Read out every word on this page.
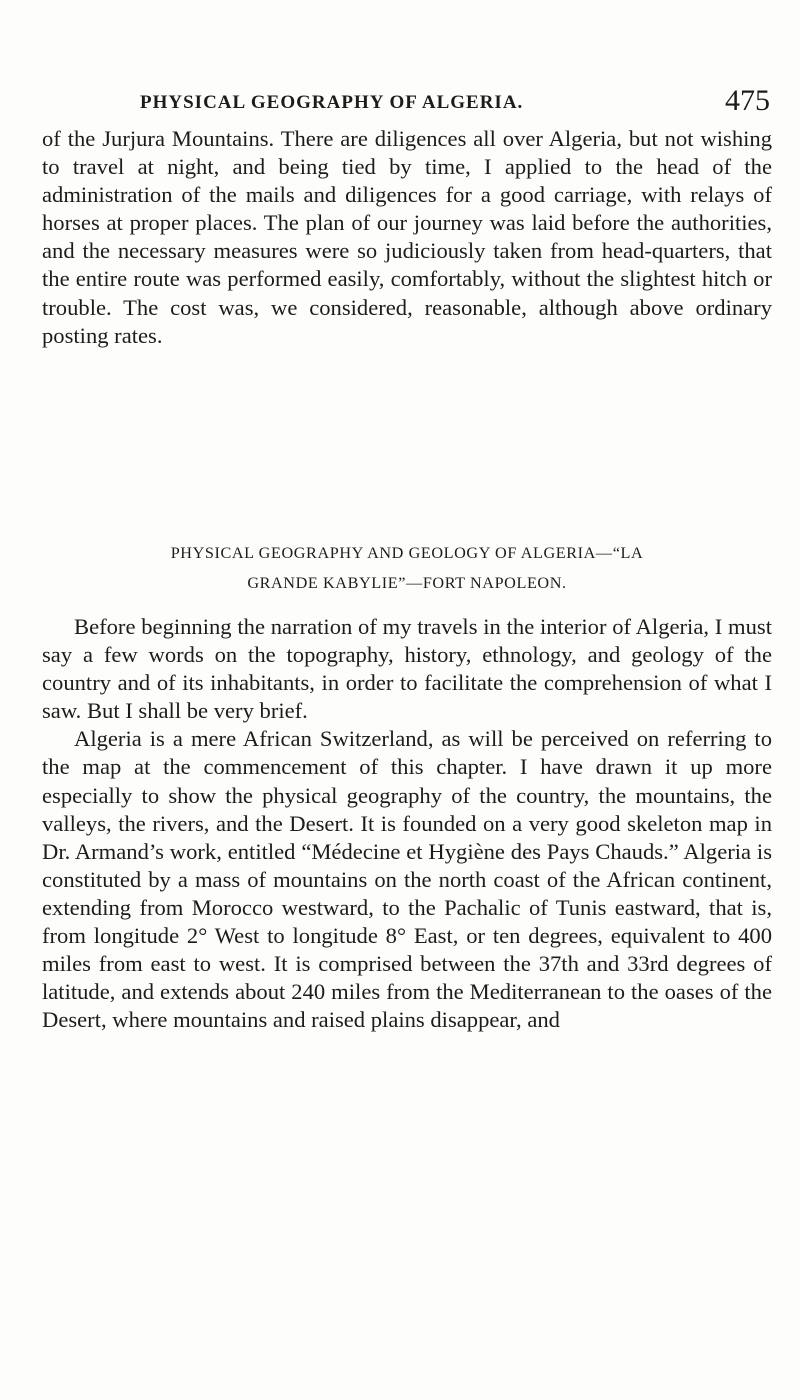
PHYSICAL GEOGRAPHY OF ALGERIA.	475

of the Jurjura Mountains. There are diligences all over Algeria, but not wishing to travel at night, and being tied by time, I applied to the head of the administration of the mails and diligences for a good carriage, with relays of horses at proper places. The plan of our journey was laid before the authorities, and the necessary measures were so judiciously taken from head-quarters, that the entire route was performed easily, comfortably, without the slightest hitch or trouble. The cost was, we considered, reasonable, although above ordinary posting rates.

PHYSICAL GEOGRAPHY AND GEOLOGY OF ALGERIA—“LA
GRANDE KABYLIE”—FORT NAPOLEON.

Before beginning the narration of my travels in the interior of Algeria, I must say a few words on the topography, history, ethnology, and geology of the country and of its inhabitants, in order to facilitate the comprehension of what I saw. But I shall be very brief.

Algeria is a mere African Switzerland, as will be perceived on referring to the map at the commencement of this chapter. I have drawn it up more especially to show the physical geography of the country, the mountains, the valleys, the rivers, and the Desert. It is founded on a very good skeleton map in Dr. Armand’s work, entitled “Médecine et Hygiène des Pays Chauds.” Algeria is constituted by a mass of mountains on the north coast of the African continent, extending from Morocco westward, to the Pachalic of Tunis eastward, that is, from longitude 2° West to longitude 8° East, or ten degrees, equivalent to 400 miles from east to west. It is comprised between the 37th and 33rd degrees of latitude, and extends about 240 miles from the Mediterranean to the oases of the Desert, where mountains and raised plains disappear, and
